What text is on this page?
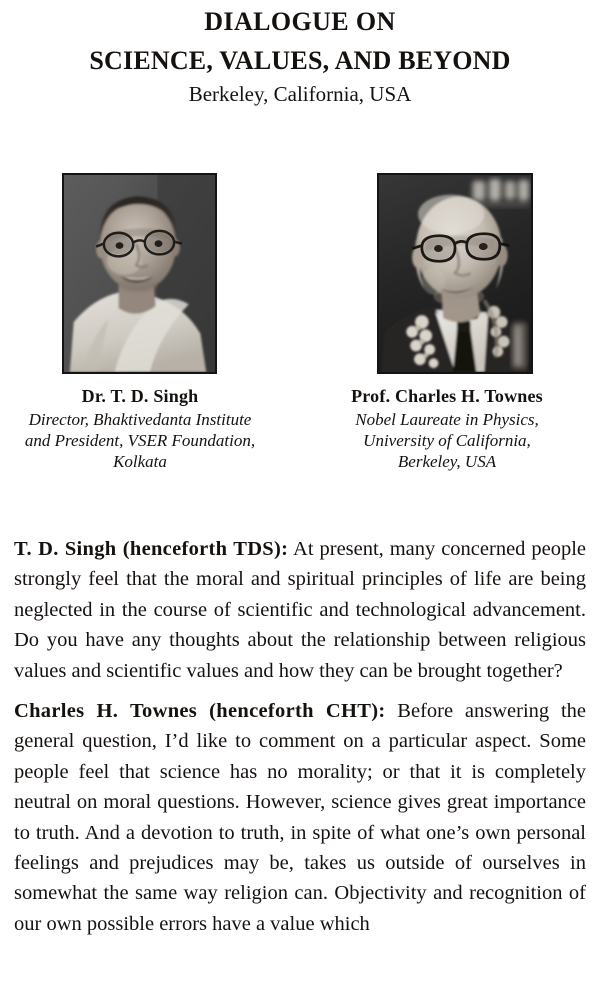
DIALOGUE ON
SCIENCE, VALUES, AND BEYOND
Berkeley, California, USA
Dr. T. D. Singh
Director, Bhaktivedanta Institute
and President, VSER Foundation,
Kolkata
Prof. Charles H. Townes
Nobel Laureate in Physics,
University of California,
Berkeley, USA

T. D. Singh (henceforth TDS): At present, many concerned people strongly feel that the moral and spiritual principles of life are being neglected in the course of scientific and technological advancement. Do you have any thoughts about the relationship between religious values and scientific values and how they can be brought together?

Charles H. Townes (henceforth CHT): Before answering the general question, I’d like to comment on a particular aspect. Some people feel that science has no morality; or that it is completely neutral on moral questions. However, science gives great importance to truth. And a devotion to truth, in spite of what one’s own personal feelings and prejudices may be, takes us outside of ourselves in somewhat the same way religion can. Objectivity and recognition of our own possible errors have a value which
